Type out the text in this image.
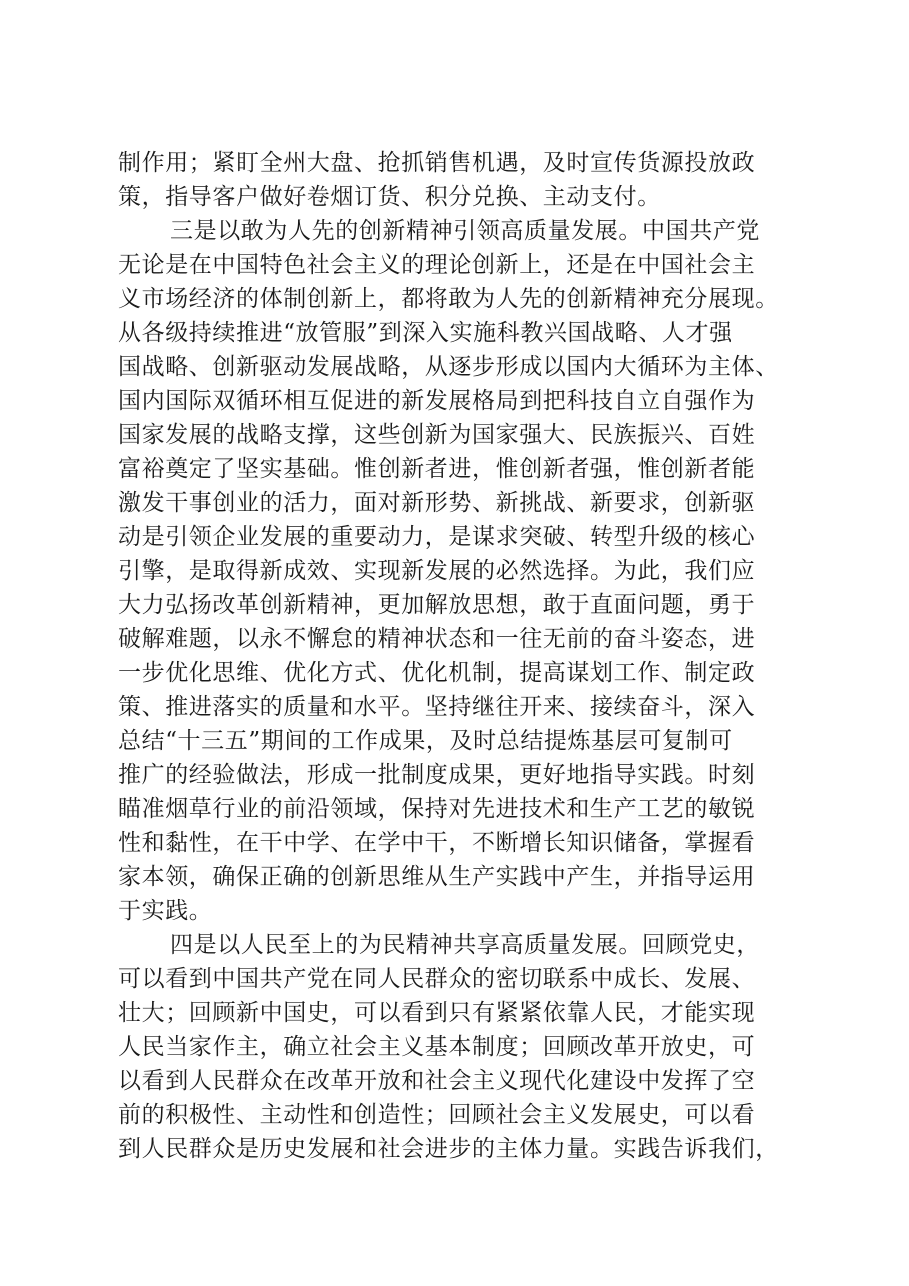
制作用；紧盯全州大盘、抢抓销售机遇，及时宣传货源投放政
策，指导客户做好卷烟订货、积分兑换、主动支付。
三是以敢为人先的创新精神引领高质量发展。中国共产党
无论是在中国特色社会主义的理论创新上，还是在中国社会主
义市场经济的体制创新上，都将敢为人先的创新精神充分展现。
从各级持续推进“放管服”到深入实施科教兴国战略、人才强
国战略、创新驱动发展战略，从逐步形成以国内大循环为主体、
国内国际双循环相互促进的新发展格局到把科技自立自强作为
国家发展的战略支撑，这些创新为国家强大、民族振兴、百姓
富裕奠定了坚实基础。惟创新者进，惟创新者强，惟创新者能
激发干事创业的活力，面对新形势、新挑战、新要求，创新驱
动是引领企业发展的重要动力，是谋求突破、转型升级的核心
引擎，是取得新成效、实现新发展的必然选择。为此，我们应
大力弘扬改革创新精神，更加解放思想，敢于直面问题，勇于
破解难题，以永不懈怠的精神状态和一往无前的奋斗姿态，进
一步优化思维、优化方式、优化机制，提高谋划工作、制定政
策、推进落实的质量和水平。坚持继往开来、接续奋斗，深入
总结“十三五”期间的工作成果，及时总结提炼基层可复制可
推广的经验做法，形成一批制度成果，更好地指导实践。时刻
瞄准烟草行业的前沿领域，保持对先进技术和生产工艺的敏锐
性和黏性，在干中学、在学中干，不断增长知识储备，掌握看
家本领，确保正确的创新思维从生产实践中产生，并指导运用
于实践。
四是以人民至上的为民精神共享高质量发展。回顾党史，
可以看到中国共产党在同人民群众的密切联系中成长、发展、
壮大；回顾新中国史，可以看到只有紧紧依靠人民，才能实现
人民当家作主，确立社会主义基本制度；回顾改革开放史，可
以看到人民群众在改革开放和社会主义现代化建设中发挥了空
前的积极性、主动性和创造性；回顾社会主义发展史，可以看
到人民群众是历史发展和社会进步的主体力量。实践告诉我们，
